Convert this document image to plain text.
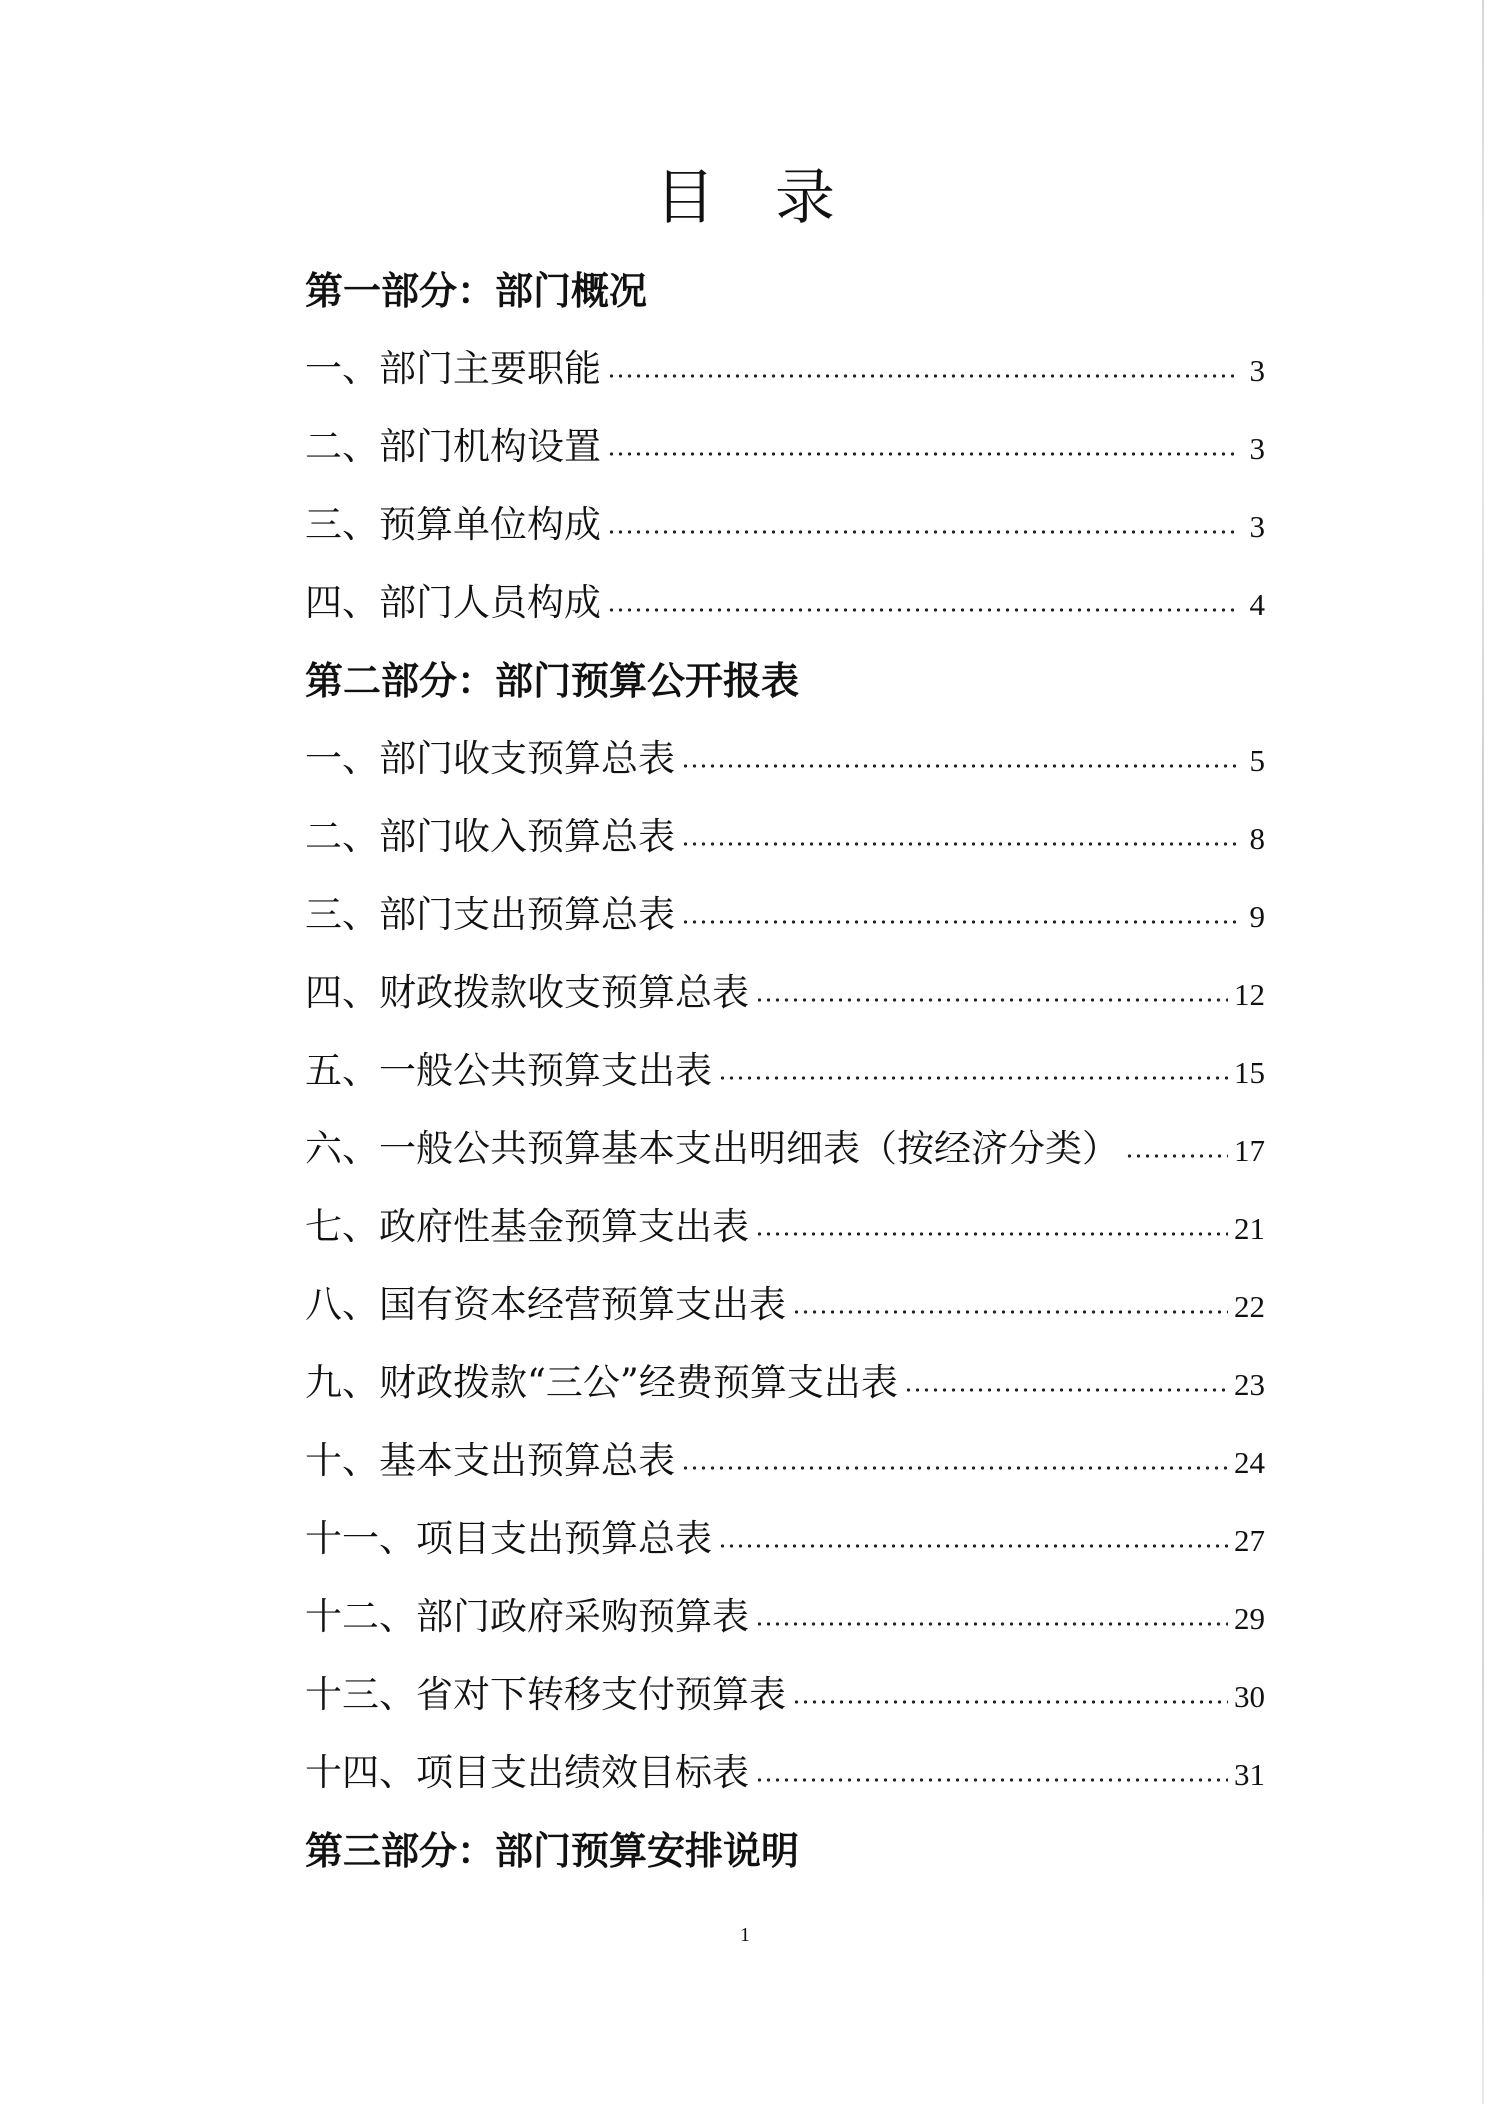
目录
第一部分：部门概况
一、部门主要职能	3
二、部门机构设置	3
三、预算单位构成	3
四、部门人员构成	4
第二部分：部门预算公开报表
一、部门收支预算总表	5
二、部门收入预算总表	8
三、部门支出预算总表	9
四、财政拨款收支预算总表	12
五、一般公共预算支出表	15
六、一般公共预算基本支出明细表（按经济分类）	17
七、政府性基金预算支出表	21
八、国有资本经营预算支出表	22
九、财政拨款“三公”经费预算支出表	23
十、基本支出预算总表	24
十一、项目支出预算总表	27
十二、部门政府采购预算表	29
十三、省对下转移支付预算表	30
十四、项目支出绩效目标表	31
第三部分：部门预算安排说明
1
